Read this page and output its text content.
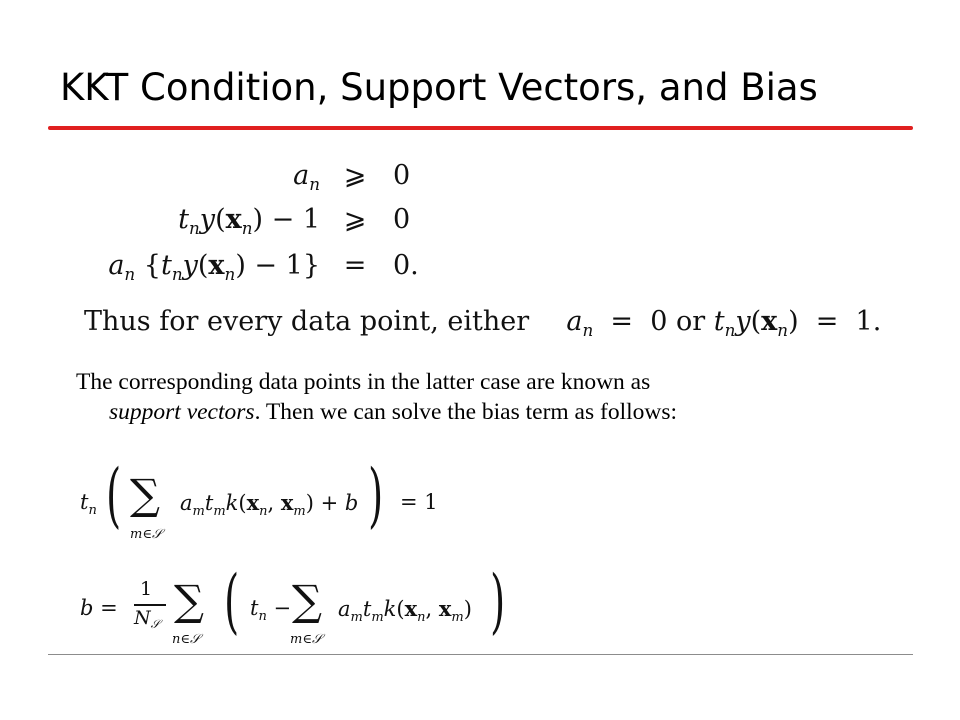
KKT Condition, Support Vectors, and Bias
$a_n$ ⩾ 0
$t_ny(x_n) - 1$ ⩾ 0
$a_n$ $\{t_ny(x_n) - 1\} = 0$.
Thus for every data point, either $a_n = 0$ or $t_ny(x_n) = 1$.
The corresponding data points in the latter case are known as
support vectors. Then we can solve the bias term as follows:
$t_n$ ( ∑
m∈𝒮
$a_mt_mk(x_n$, $x_m) + b$ ) = 1
b =
1
$N_𝒮$ ∑
n∈𝒮 ( $t_n$ − ∑
m∈𝒮
$a_mt_mk(x_n$, $x_m$) )
